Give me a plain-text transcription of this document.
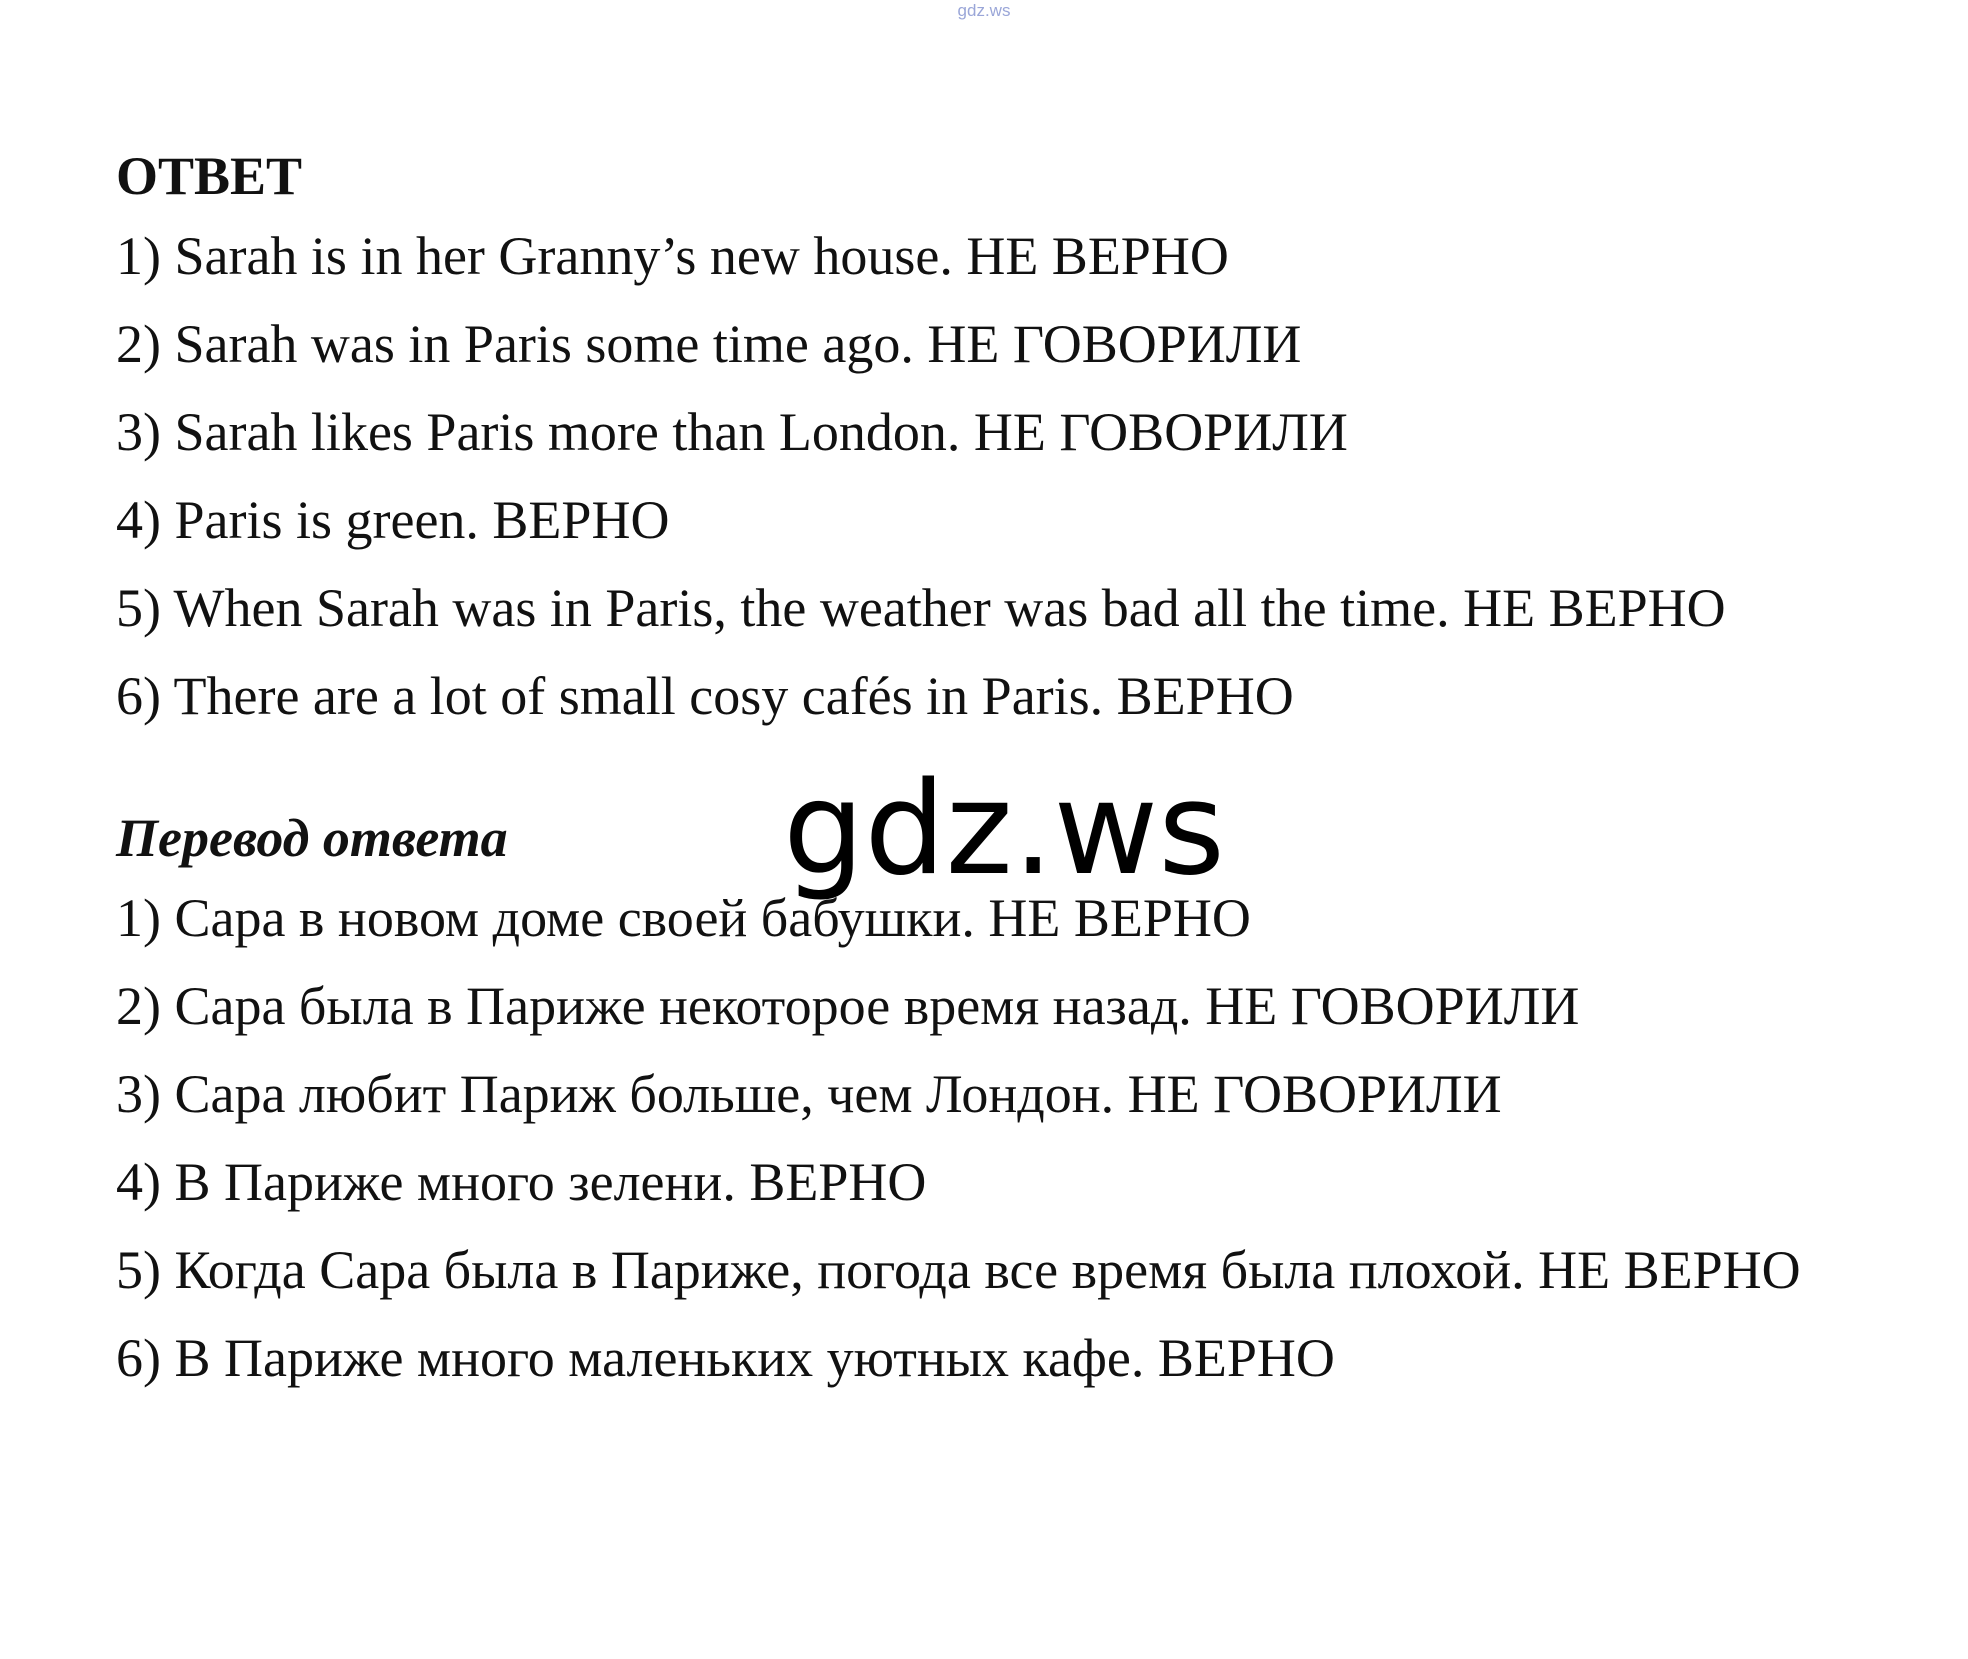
gdz.ws

ОТВЕТ

1) Sarah is in her Granny’s new house. НЕ ВЕРНО

2) Sarah was in Paris some time ago. НЕ ГОВОРИЛИ

3) Sarah likes Paris more than London. НЕ ГОВОРИЛИ

4) Paris is green. ВЕРНО

5) When Sarah was in Paris, the weather was bad all the time. НЕ ВЕРНО

6) There are a lot of small cosy cafés in Paris. ВЕРНО

Перевод ответа

1) Сара в новом доме своей бабушки. НЕ ВЕРНО

2) Сара была в Париже некоторое время назад. НЕ ГОВОРИЛИ

3) Сара любит Париж больше, чем Лондон. НЕ ГОВОРИЛИ

4) В Париже много зелени. ВЕРНО

5) Когда Сара была в Париже, погода все время была плохой. НЕ ВЕРНО

6) В Париже много маленьких уютных кафе. ВЕРНО

gdz.ws
